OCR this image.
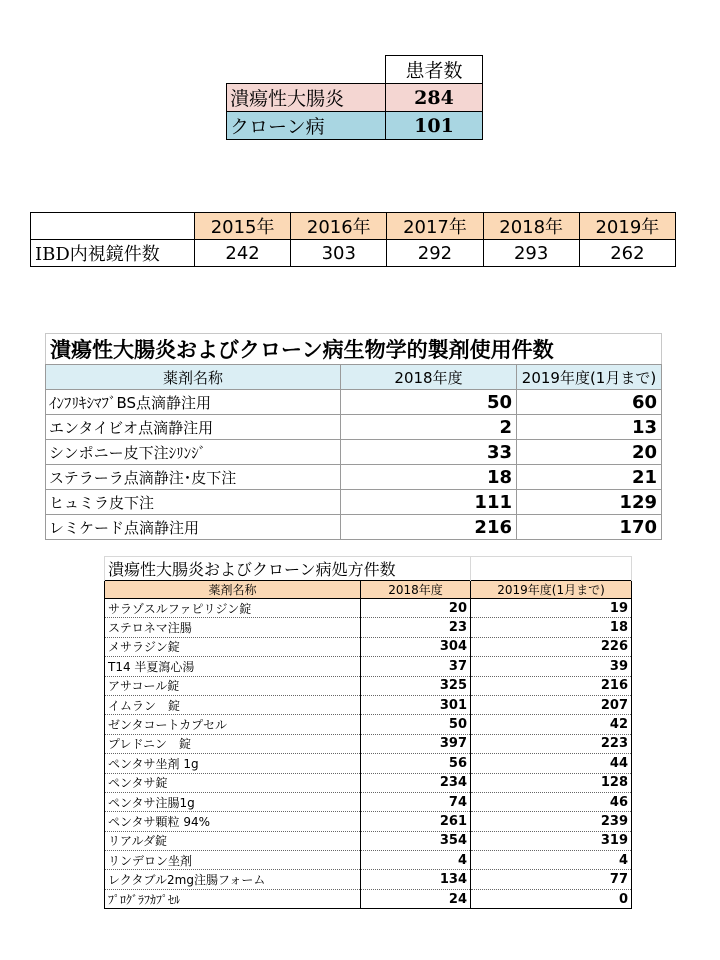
	患者数
潰瘍性大腸炎	284
クローン病	101
	2015年	2016年	2017年	2018年	2019年
IBD内視鏡件数	242	303	292	293	262
潰瘍性大腸炎およびクローン病生物学的製剤使用件数		
薬剤名称	2018年度	2019年度(1月まで)
ｲﾝﾌﾘｷｼﾏﾌﾞBS点滴静注用	50	60
エンタイビオ点滴静注用	2	13
シンポニー皮下注ｼﾘﾝｼﾞ	33	20
ステラーラ点滴静注･皮下注	18	21
ヒュミラ皮下注	111	129
レミケード点滴静注用	216	170
潰瘍性大腸炎およびクローン病処方件数		
薬剤名称	2018年度	2019年度(1月まで)
サラゾスルファピリジン錠	20	19
ステロネマ注腸	23	18
メサラジン錠	304	226
T14 半夏瀉心湯	37	39
アサコール錠	325	216
イムラン　錠	301	207
ゼンタコートカプセル	50	42
プレドニン　錠	397	223
ペンタサ坐剤 1g	56	44
ペンタサ錠	234	128
ペンタサ注腸1g	74	46
ペンタサ顆粒 94%	261	239
リアルダ錠	354	319
リンデロン坐剤	4	4
レクタブル2mg注腸フォーム	134	77
ﾌﾟﾛｸﾞﾗﾌｶﾌﾟｾﾙ	24	0
